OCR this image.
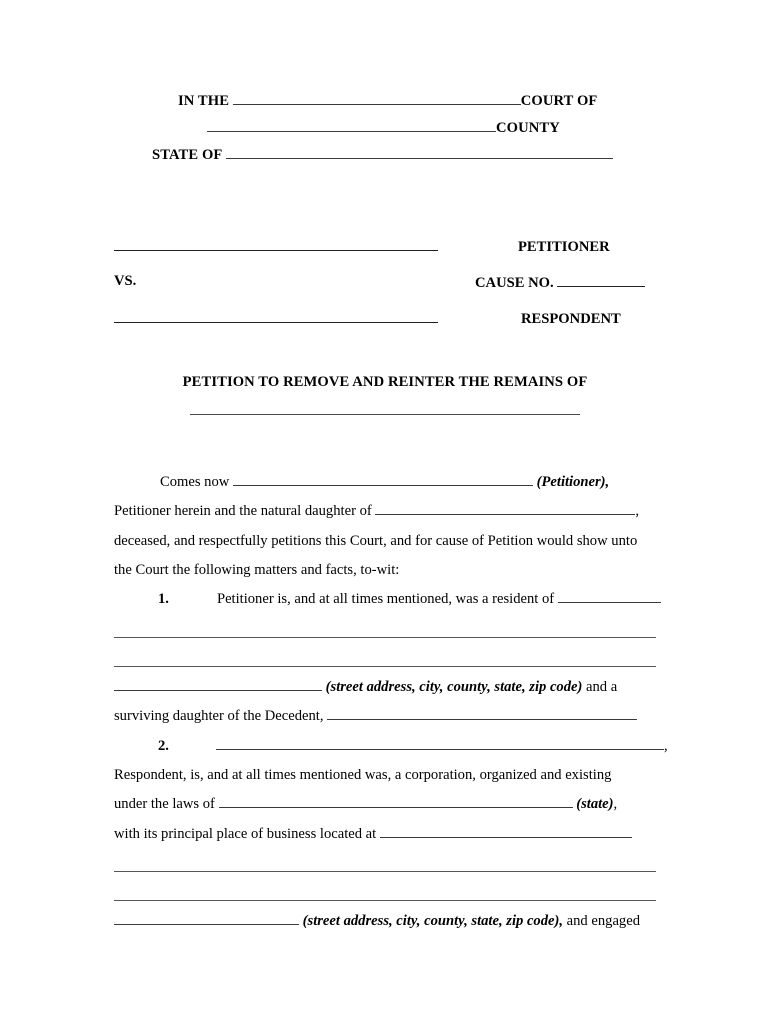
IN THE	COURT OF
COUNTY
STATE OF
PETITIONER
VS.	CAUSE NO.
RESPONDENT
PETITION TO REMOVE AND REINTER THE REMAINS OF

Comes now	(Petitioner), Petitioner herein and the natural daughter of	, deceased, and respectfully petitions this Court, and for cause of Petition would show unto the Court the following matters and facts, to-wit:

1.	Petitioner is, and at all times mentioned, was a resident of
(street address, city, county, state, zip code) and a surviving daughter of the Decedent,

2.	, Respondent, is, and at all times mentioned was, a corporation, organized and existing under the laws of	(state), with its principal place of business located at
(street address, city, county, state, zip code), and engaged
